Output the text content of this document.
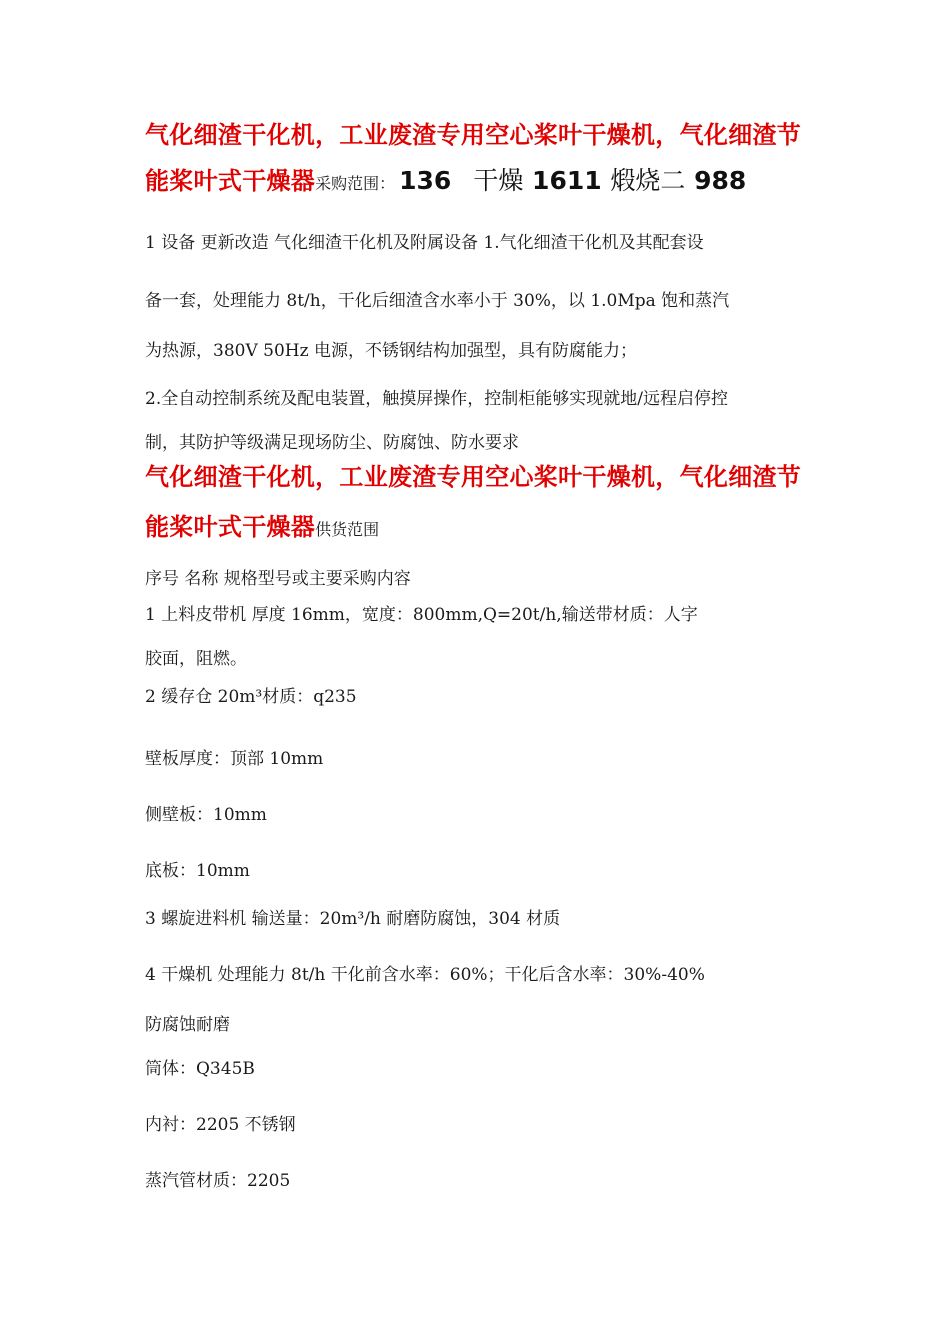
气化细渣干化机，工业废渣专用空心桨叶干燥机，气化细渣节
能桨叶式干燥器采购范围： 136 干燥 1611 煅烧二 988
1 设备 更新改造 气化细渣干化机及附属设备 1.气化细渣干化机及其配套设
备一套，处理能力 8t/h，干化后细渣含水率小于 30%，以 1.0Mpa 饱和蒸汽
为热源，380V 50Hz 电源，不锈钢结构加强型，具有防腐能力；
2.全自动控制系统及配电装置，触摸屏操作，控制柜能够实现就地/远程启停控
制，其防护等级满足现场防尘、防腐蚀、防水要求
气化细渣干化机，工业废渣专用空心桨叶干燥机，气化细渣节
能桨叶式干燥器供货范围
序号 名称 规格型号或主要采购内容
1 上料皮带机 厚度 16mm，宽度：800mm,Q=20t/h,输送带材质：人字
胶面，阻燃。
2 缓存仓 20m³材质：q235
壁板厚度：顶部 10mm
侧壁板：10mm
底板：10mm
3 螺旋进料机 输送量：20m³/h 耐磨防腐蚀，304 材质
4 干燥机 处理能力 8t/h 干化前含水率：60%；干化后含水率：30%-40%
防腐蚀耐磨
筒体：Q345B
内衬：2205 不锈钢
蒸汽管材质：2205
